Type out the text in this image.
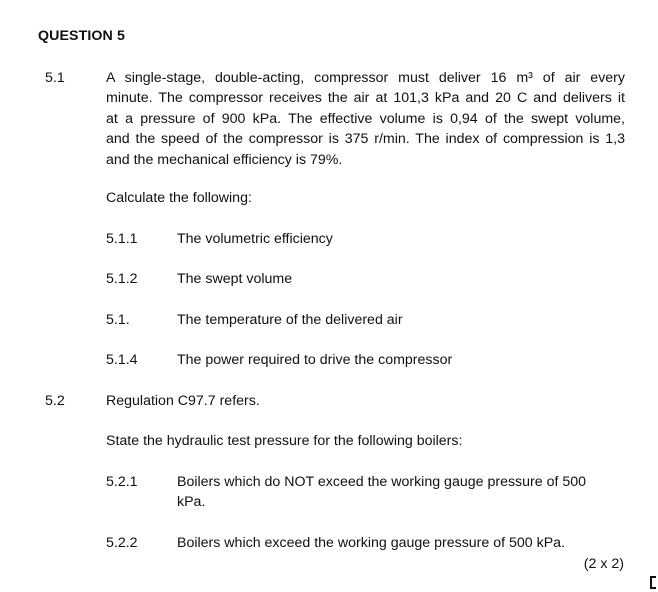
QUESTION 5
5.1	A single-stage, double-acting, compressor must deliver 16 m³ of air every
minute. The compressor receives the air at 101,3 kPa and 20 C and delivers it
at a pressure of 900 kPa. The effective volume is 0,94 of the swept volume,
and the speed of the compressor is 375 r/min. The index of compression is 1,3
and the mechanical efficiency is 79%.
Calculate the following:
5.1.1	The volumetric efficiency
5.1.2	The swept volume
5.1.	The temperature of the delivered air
5.1.4	The power required to drive the compressor
5.2	Regulation C97.7 refers.
State the hydraulic test pressure for the following boilers:
5.2.1	Boilers which do NOT exceed the working gauge pressure of 500 kPa.
5.2.2	Boilers which exceed the working gauge pressure of 500 kPa.
(2 x 2)
